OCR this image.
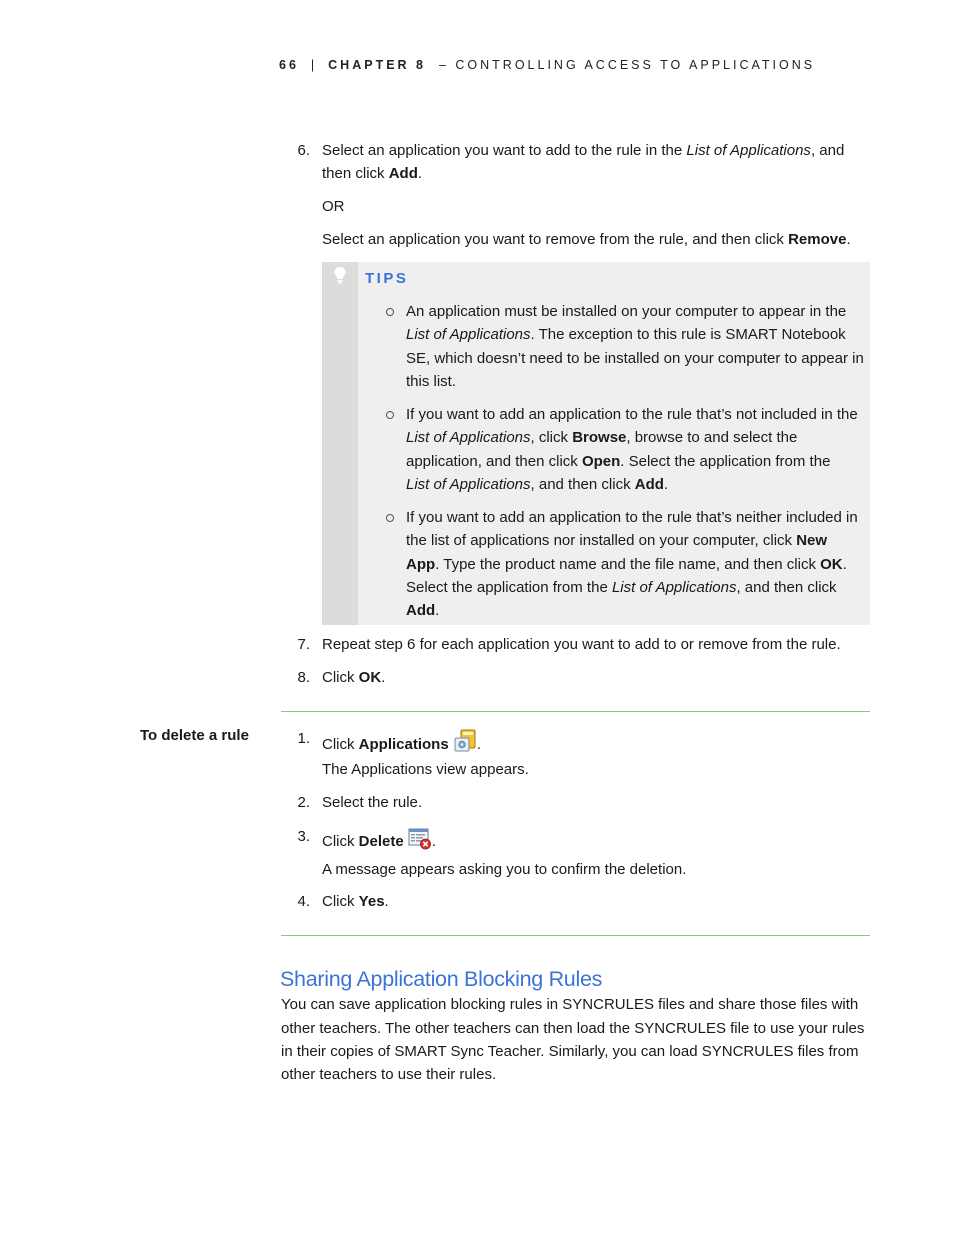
66 | CHAPTER 8 – CONTROLLING ACCESS TO APPLICATIONS
6. Select an application you want to add to the rule in the List of Applications, and
then click Add.
OR
Select an application you want to remove from the rule, and then click Remove.
TIPS
An application must be installed on your computer to appear in the
List of Applications. The exception to this rule is SMART Notebook
SE, which doesn’t need to be installed on your computer to appear in
this list.
If you want to add an application to the rule that’s not included in the
List of Applications, click Browse, browse to and select the
application, and then click Open. Select the application from the
List of Applications, and then click Add.
If you want to add an application to the rule that’s neither included in
the list of applications nor installed on your computer, click New
App. Type the product name and the file name, and then click OK.
Select the application from the List of Applications, and then click
Add.
7. Repeat step 6 for each application you want to add to or remove from the rule.
8. Click OK.
To delete a rule	1. Click Applications .
The Applications view appears.
2. Select the rule.
3. Click Delete .
A message appears asking you to confirm the deletion.
4. Click Yes.
Sharing Application Blocking Rules
You can save application blocking rules in SYNCRULES files and share those files with
other teachers. The other teachers can then load the SYNCRULES file to use your rules
in their copies of SMART Sync Teacher. Similarly, you can load SYNCRULES files from
other teachers to use their rules.
